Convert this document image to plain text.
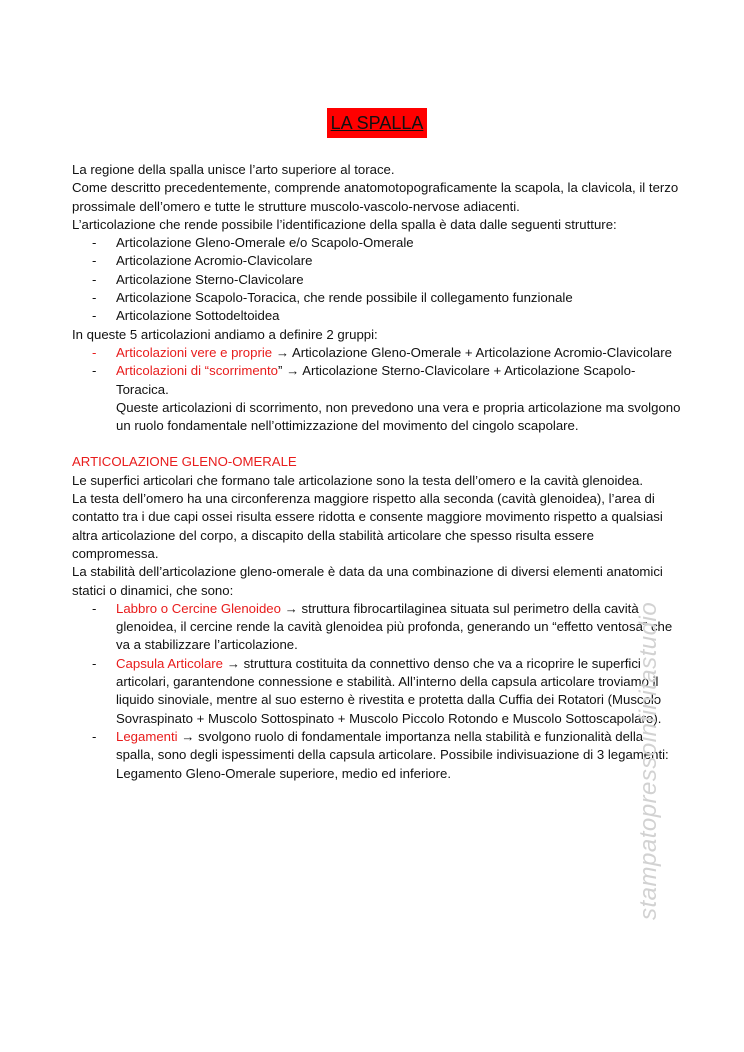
LA SPALLA

La regione della spalla unisce l’arto superiore al torace.

Come descritto precedentemente, comprende anatomotopograficamente la scapola, la clavicola, il terzo prossimale dell’omero e tutte le strutture muscolo-vascolo-nervose adiacenti.

L’articolazione che rende possibile l’identificazione della spalla è data dalle seguenti strutture:

- Articolazione Gleno-Omerale e/o Scapolo-Omerale
- Articolazione Acromio-Clavicolare
- Articolazione Sterno-Clavicolare
- Articolazione Scapolo-Toracica, che rende possibile il collegamento funzionale
- Articolazione Sottodeltoidea

In queste 5 articolazioni andiamo a definire 2 gruppi:

- Articolazioni vere e proprie → Articolazione Gleno-Omerale + Articolazione Acromio-Clavicolare
- Articolazioni di “scorrimento” → Articolazione Sterno-Clavicolare + Articolazione Scapolo-Toracica.

Queste articolazioni di scorrimento, non prevedono una vera e propria articolazione ma svolgono un ruolo fondamentale nell’ottimizzazione del movimento del cingolo scapolare.

ARTICOLAZIONE GLENO-OMERALE

Le superfici articolari che formano tale articolazione sono la testa dell’omero e la cavità glenoidea.

La testa dell’omero ha una circonferenza maggiore rispetto alla seconda (cavità glenoidea), l’area di contatto tra i due capi ossei risulta essere ridotta e consente maggiore movimento rispetto a qualsiasi altra articolazione del corpo, a discapito della stabilità articolare che spesso risulta essere compromessa.

La stabilità dell’articolazione gleno-omerale è data da una combinazione di diversi elementi anatomici statici o dinamici, che sono:

- Labbro o Cercine Glenoideo → struttura fibrocartilaginea situata sul perimetro della cavità glenoidea, il cercine rende la cavità glenoidea più profonda, generando un “effetto ventosa” che va a stabilizzare l’articolazione.
- Capsula Articolare → struttura costituita da connettivo denso che va a ricoprire le superfici articolari, garantendone connessione e stabilità. All’interno della capsula articolare troviamo il liquido sinoviale, mentre al suo esterno è rivestita e protetta dalla Cuffia dei Rotatori (Muscolo Sovraspinato + Muscolo Sottospinato + Muscolo Piccolo Rotondo e Muscolo Sottoscapolare).
- Legamenti → svolgono ruolo di fondamentale importanza nella stabilità e funzionalità della spalla, sono degli ispessimenti della capsula articolare. Possibile indivisuazione di 3 legamenti: Legamento Gleno-Omerale superiore, medio ed inferiore.	stampatopressoinfinitastudio
